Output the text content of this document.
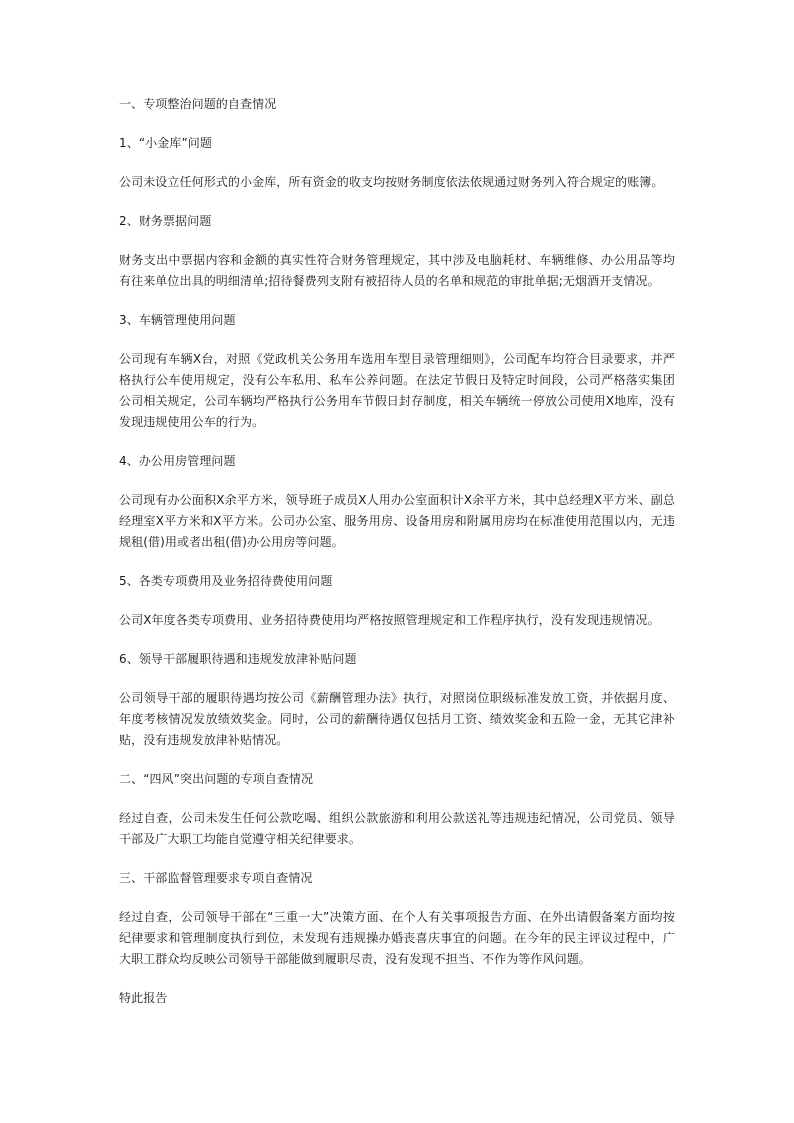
一、专项整治问题的自查情况

1、“小金库”问题

公司未设立任何形式的小金库，所有资金的收支均按财务制度依法依规通过财务列入符合规定的账簿。

2、财务票据问题

财务支出中票据内容和金额的真实性符合财务管理规定，其中涉及电脑耗材、车辆维修、办公用品等均有往来单位出具的明细清单;招待餐费列支附有被招待人员的名单和规范的审批单据;无烟酒开支情况。

3、车辆管理使用问题

公司现有车辆X台，对照《党政机关公务用车选用车型目录管理细则》，公司配车均符合目录要求，并严格执行公车使用规定，没有公车私用、私车公养问题。在法定节假日及特定时间段，公司严格落实集团公司相关规定，公司车辆均严格执行公务用车节假日封存制度，相关车辆统一停放公司使用X地库，没有发现违规使用公车的行为。

4、办公用房管理问题

公司现有办公面积X余平方米，领导班子成员X人用办公室面积计X余平方米，其中总经理X平方米、副总经理室X平方米和X平方米。公司办公室、服务用房、设备用房和附属用房均在标准使用范围以内，无违规租(借)用或者出租(借)办公用房等问题。

5、各类专项费用及业务招待费使用问题

公司X年度各类专项费用、业务招待费使用均严格按照管理规定和工作程序执行，没有发现违规情况。

6、领导干部履职待遇和违规发放津补贴问题

公司领导干部的履职待遇均按公司《薪酬管理办法》执行，对照岗位职级标准发放工资，并依据月度、年度考核情况发放绩效奖金。同时，公司的薪酬待遇仅包括月工资、绩效奖金和五险一金，无其它津补贴，没有违规发放津补贴情况。

二、“四风”突出问题的专项自查情况

经过自查，公司未发生任何公款吃喝、组织公款旅游和利用公款送礼等违规违纪情况，公司党员、领导干部及广大职工均能自觉遵守相关纪律要求。

三、干部监督管理要求专项自查情况

经过自查，公司领导干部在“三重一大”决策方面、在个人有关事项报告方面、在外出请假备案方面均按纪律要求和管理制度执行到位，未发现有违规操办婚丧喜庆事宜的问题。在今年的民主评议过程中，广大职工群众均反映公司领导干部能做到履职尽责，没有发现不担当、不作为等作风问题。

特此报告
